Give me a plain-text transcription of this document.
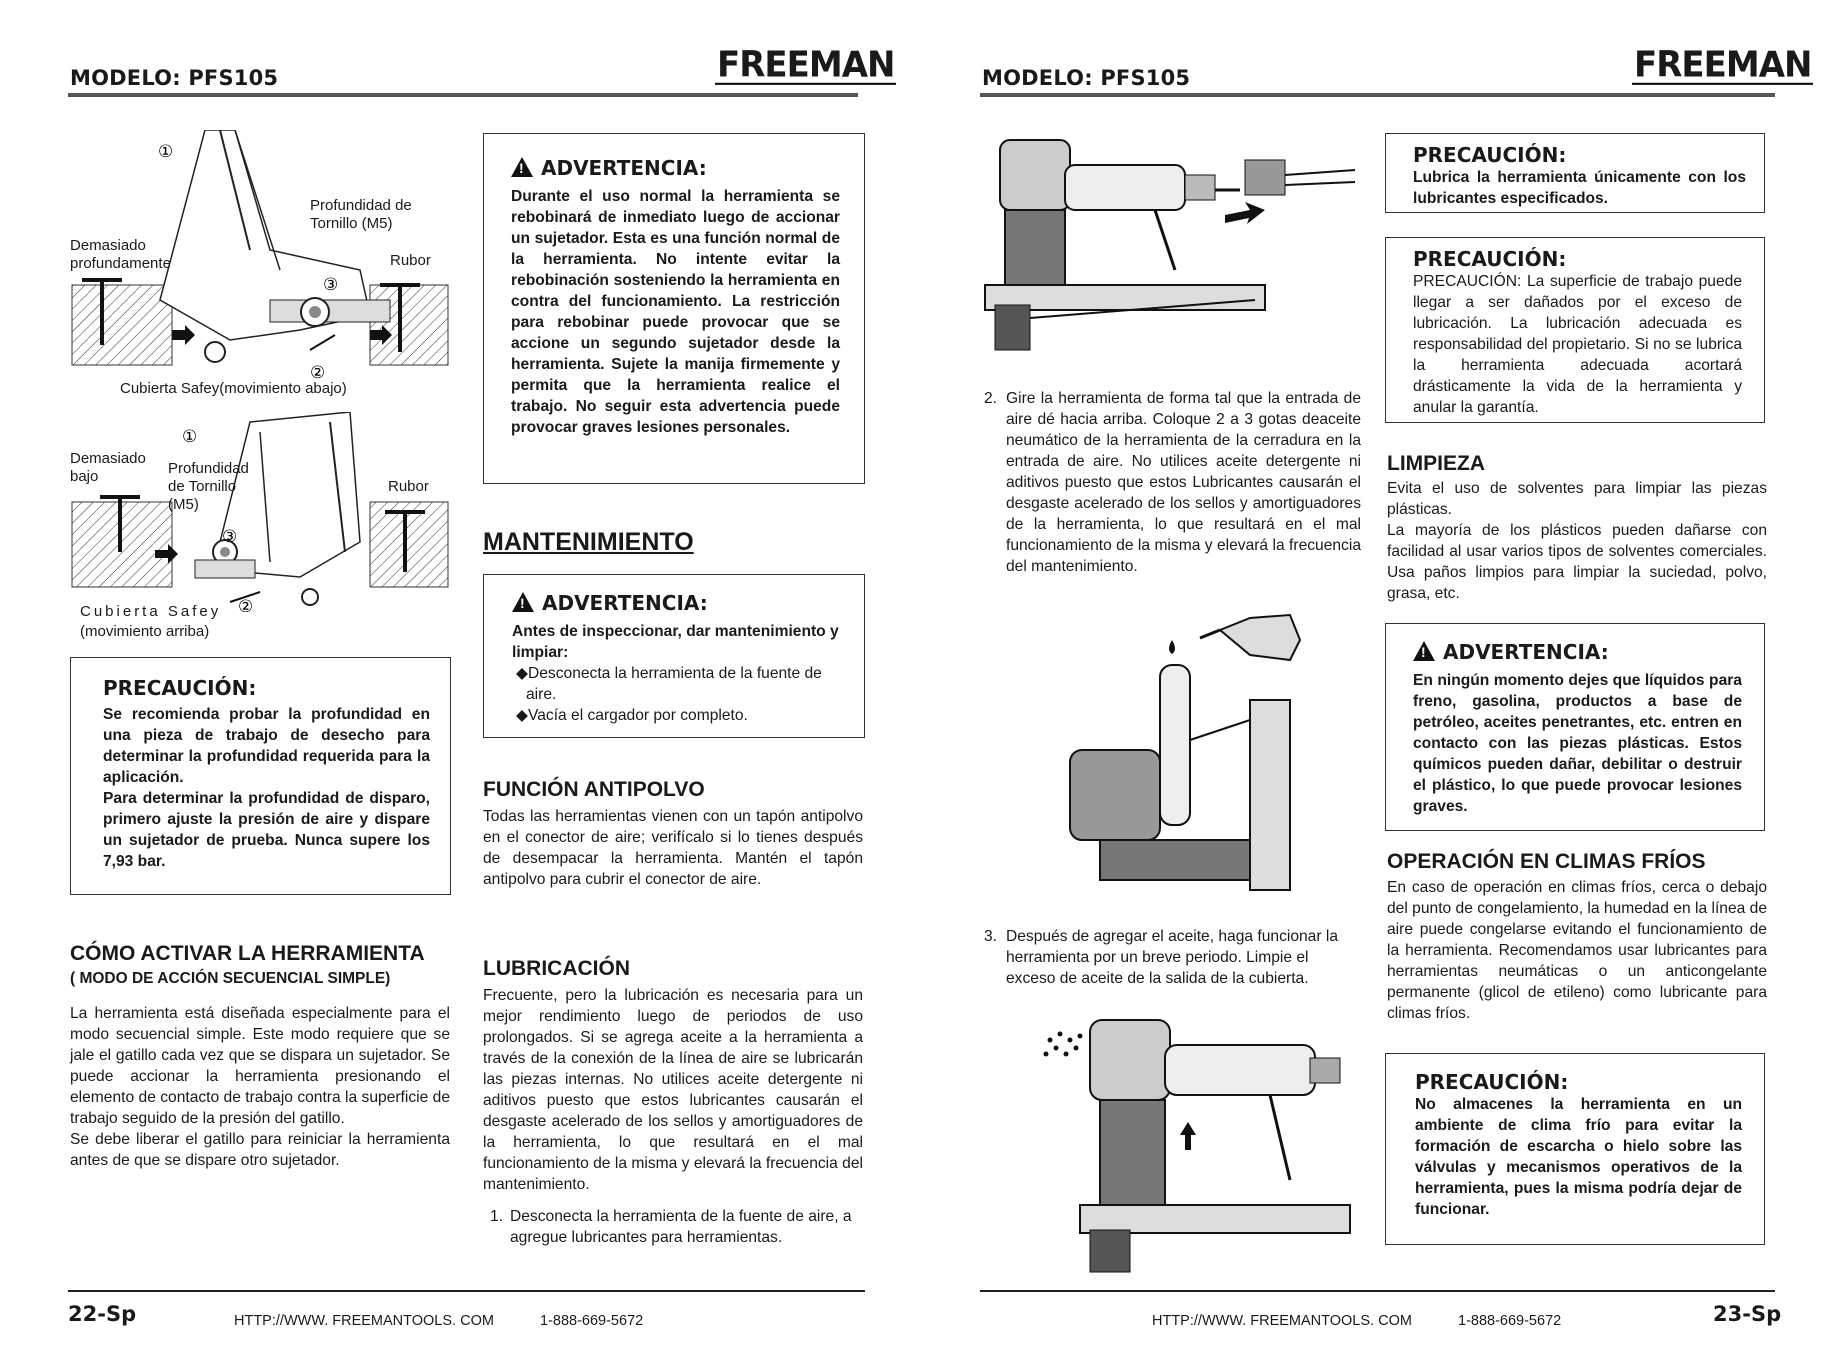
MODELO: PFS105	FREEMAN
①
③
②
Demasiado profundamente
Profundidad de Tornillo (M5)
Rubor
Cubierta Safey(movimiento abajo)
①
③
②
Demasiado bajo	Profundidad de Tornillo (M5)
Rubor
Cubierta Safey
(movimiento arriba)
PRECAUCIÓN:
Se recomienda probar la profundidad en una pieza de trabajo de desecho para determinar la profundidad requerida para la aplicación.
Para determinar la profundidad de disparo, primero ajuste la presión de aire y dispare un sujetador de prueba. Nunca supere los 7,93 bar.
CÓMO ACTIVAR LA HERRAMIENTA
( MODO DE ACCIÓN SECUENCIAL SIMPLE)
La herramienta está diseñada especialmente para el modo secuencial simple. Este modo requiere que se jale el gatillo cada vez que se dispara un sujetador. Se puede accionar la herramienta presionando el elemento de contacto de trabajo contra la superficie de trabajo seguido de la presión del gatillo.
Se debe liberar el gatillo para reiniciar la herramienta antes de que se dispare otro sujetador.
!ADVERTENCIA:
Durante el uso normal la herramienta se rebobinará de inmediato luego de accionar un sujetador. Esta es una función normal de la herramienta. No intente evitar la rebobinación sosteniendo la herramienta en contra del funcionamiento. La restricción para rebobinar puede provocar que se accione un segundo sujetador desde la herramienta. Sujete la manija firmemente y permita que la herramienta realice el trabajo. No seguir esta advertencia puede provocar graves lesiones personales.
MANTENIMIENTO
!ADVERTENCIA:
Antes de inspeccionar, dar mantenimiento y limpiar:
◆Desconecta la herramienta de la fuente de aire.
◆Vacía el cargador por completo.
FUNCIÓN ANTIPOLVO
Todas las herramientas vienen con un tapón antipolvo en el conector de aire; verifícalo si lo tienes después de desempacar la herramienta. Mantén el tapón antipolvo para cubrir el conector de aire.
LUBRICACIÓN
Frecuente, pero la lubricación es necesaria para un mejor rendimiento luego de periodos de uso prolongados. Si se agrega aceite a la herramienta a través de la conexión de la línea de aire se lubricarán las piezas internas. No utilices aceite detergente ni aditivos puesto que estos lubricantes causarán el desgaste acelerado de los sellos y amortiguadores de la herramienta, lo que resultará en el mal funcionamiento de la misma y elevará la frecuencia del mantenimiento.
1. Desconecta la herramienta de la fuente de aire, a agregue lubricantes para herramientas.
22-Sp	HTTP://WWW. FREEMANTOOLS. COM	1-888-669-5672
MODELO: PFS105	FREEMAN
2. Gire la herramienta de forma tal que la entrada de aire dé hacia arriba. Coloque 2 a 3 gotas deaceite neumático de la herramienta de la cerradura en la entrada de aire. No utilices aceite detergente ni aditivos puesto que estos Lubricantes causarán el desgaste acelerado de los sellos y amortiguadores de la herramienta, lo que resultará en el mal funcionamiento de la misma y elevará la frecuencia del mantenimiento.
3. Después de agregar el aceite, haga funcionar la herramienta por un breve periodo. Limpie el exceso de aceite de la salida de la cubierta.
PRECAUCIÓN:
Lubrica la herramienta únicamente con los lubricantes especificados.
PRECAUCIÓN:
PRECAUCIÓN: La superficie de trabajo puede llegar a ser dañados por el exceso de lubricación. La lubricación adecuada es responsabilidad del propietario. Si no se lubrica la herramienta adecuada acortará drásticamente la vida de la herramienta y anular la garantía.
LIMPIEZA
Evita el uso de solventes para limpiar las piezas plásticas.
La mayoría de los plásticos pueden dañarse con facilidad al usar varios tipos de solventes comerciales. Usa paños limpios para limpiar la suciedad, polvo, grasa, etc.
!ADVERTENCIA:
En ningún momento dejes que líquidos para freno, gasolina, productos a base de petróleo, aceites penetrantes, etc. entren en contacto con las piezas plásticas. Estos químicos pueden dañar, debilitar o destruir el plástico, lo que puede provocar lesiones graves.
OPERACIÓN EN CLIMAS FRÍOS
En caso de operación en climas fríos, cerca o debajo del punto de congelamiento, la humedad en la línea de aire puede congelarse evitando el funcionamiento de la herramienta. Recomendamos usar lubricantes para herramientas neumáticas o un anticongelante permanente (glicol de etileno) como lubricante para climas fríos.
PRECAUCIÓN:
No almacenes la herramienta en un ambiente de clima frío para evitar la formación de escarcha o hielo sobre las válvulas y mecanismos operativos de la herramienta, pues la misma podría dejar de funcionar.
HTTP://WWW. FREEMANTOOLS. COM	1-888-669-5672	23-Sp
